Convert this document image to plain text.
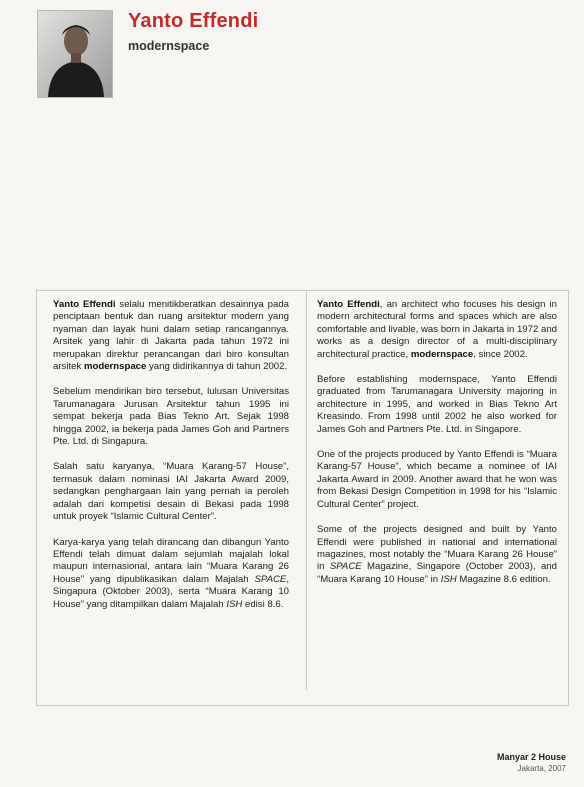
Yanto Effendi
modernspace

Yanto Effendi selalu menitikberatkan desainnya pada penciptaan bentuk dan ruang arsitektur modern yang nyaman dan layak huni dalam setiap rancangannya. Arsitek yang lahir di Jakarta pada tahun 1972 ini merupakan direktur perancangan dari biro konsultan arsitek modernspace yang didirikannya di tahun 2002.

Sebelum mendirikan biro tersebut, lulusan Universitas Tarumanagara Jurusan Arsitektur tahun 1995 ini sempat bekerja pada Bias Tekno Art. Sejak 1998 hingga 2002, ia bekerja pada James Goh and Partners Pte. Ltd. di Singapura.

Salah satu karyanya, “Muara Karang-57 House”, termasuk dalam nominasi IAI Jakarta Award 2009, sedangkan penghargaan lain yang pernah ia peroleh adalah dari kompetisi desain di Bekasi pada 1998 untuk proyek “Islamic Cultural Center”.

Karya-karya yang telah dirancang dan dibangun Yanto Effendi telah dimuat dalam sejumlah majalah lokal maupun internasional, antara lain “Muara Karang 26 House” yang dipublikasikan dalam Majalah SPACE, Singapura (Oktober 2003), serta “Muara Karang 10 House” yang ditampilkan dalam Majalah ISH edisi 8.6.

Yanto Effendi, an architect who focuses his design in modern architectural forms and spaces which are also comfortable and livable, was born in Jakarta in 1972 and works as a design director of a multi-disciplinary architectural practice, modernspace, since 2002.

Before establishing modernspace, Yanto Effendi graduated from Tarumanagara University majoring in architecture in 1995, and worked in Bias Tekno Art Kreasindo. From 1998 until 2002 he also worked for James Goh and Partners Pte. Ltd. in Singapore.

One of the projects produced by Yanto Effendi is “Muara Karang-57 House”, which became a nominee of IAI Jakarta Award in 2009. Another award that he won was from Bekasi Design Competition in 1998 for his “Islamic Cultural Center” project.

Some of the projects designed and built by Yanto Effendi were published in national and international magazines, most notably the “Muara Karang 26 House” in SPACE Magazine, Singapore (October 2003), and “Muara Karang 10 House” in ISH Magazine 8.6 edition.

Manyar 2 House
Jakarta, 2007
